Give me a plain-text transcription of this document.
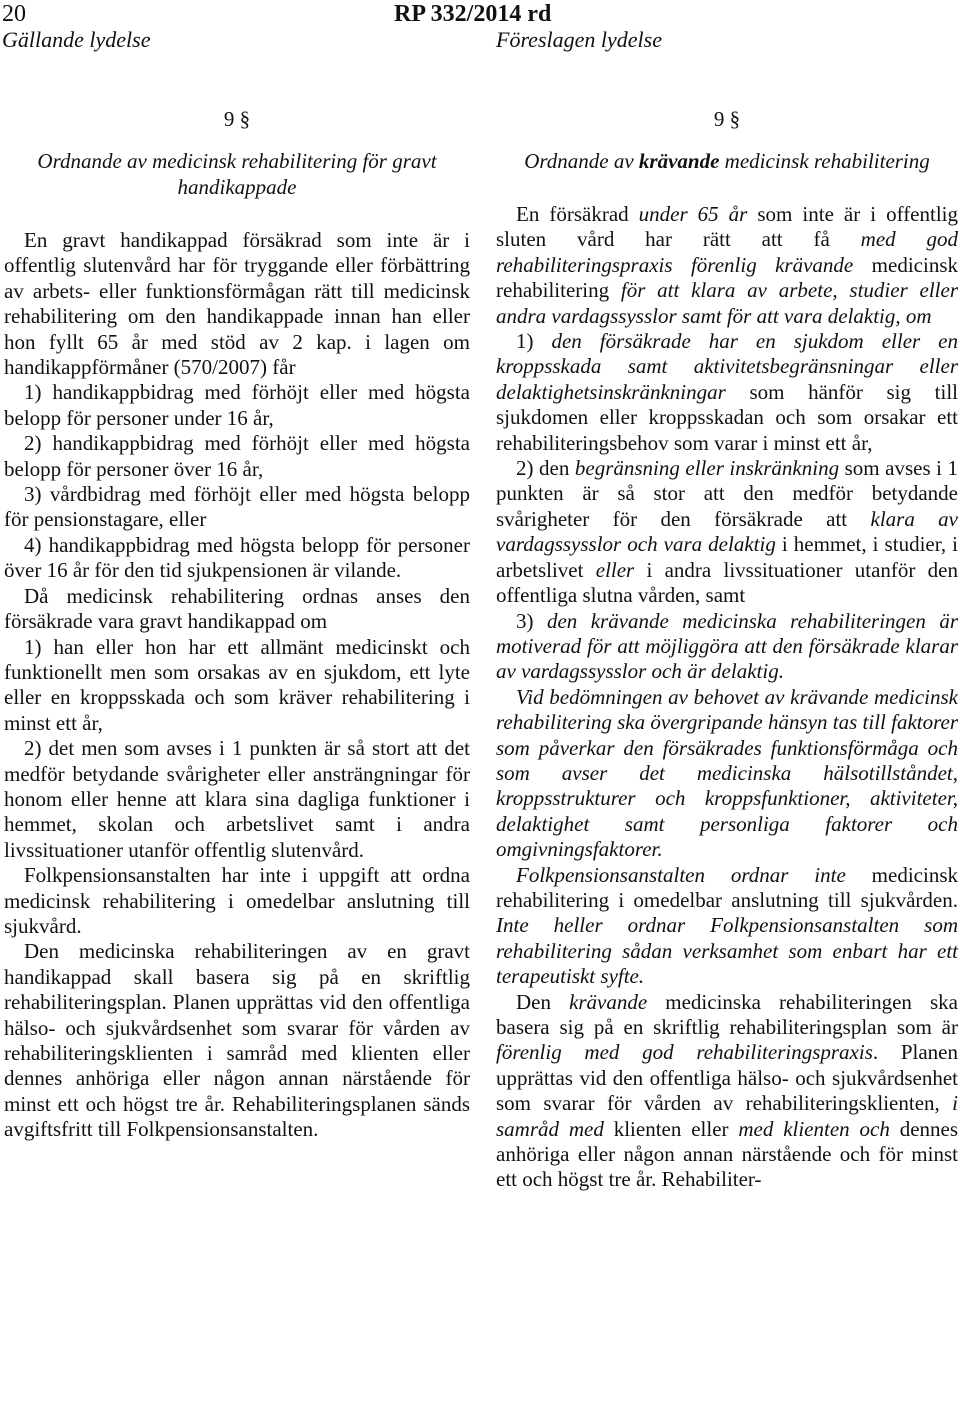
20	RP 332/2014 rd
Gällande lydelse	Föreslagen lydelse
9 §
Ordnande av medicinsk rehabilitering för gravt handikappade

En gravt handikappad försäkrad som inte är i offentlig slutenvård har för tryggande eller förbättring av arbets- eller funktionsförmågan rätt till medicinsk rehabilitering om den handikappade innan han eller hon fyllt 65 år med stöd av 2 kap. i lagen om handikappförmåner (570/2007) får

1) handikappbidrag med förhöjt eller med högsta belopp för personer under 16 år,

2) handikappbidrag med förhöjt eller med högsta belopp för personer över 16 år,

3) vårdbidrag med förhöjt eller med högsta belopp för pensionstagare, eller

4) handikappbidrag med högsta belopp för personer över 16 år för den tid sjukpensionen är vilande.

Då medicinsk rehabilitering ordnas anses den försäkrade vara gravt handikappad om

1) han eller hon har ett allmänt medicinskt och funktionellt men som orsakas av en sjukdom, ett lyte eller en kroppsskada och som kräver rehabilitering i minst ett år,

2) det men som avses i 1 punkten är så stort att det medför betydande svårigheter eller ansträngningar för honom eller henne att klara sina dagliga funktioner i hemmet, skolan och arbetslivet samt i andra livssituationer utanför offentlig slutenvård.

Folkpensionsanstalten har inte i uppgift att ordna medicinsk rehabilitering i omedelbar anslutning till sjukvård.

Den medicinska rehabiliteringen av en gravt handikappad skall basera sig på en skriftlig rehabiliteringsplan. Planen upprättas vid den offentliga hälso- och sjukvårdsenhet som svarar för vården av rehabiliteringsklienten i samråd med klienten eller dennes anhöriga eller någon annan närstående för minst ett och högst tre år. Rehabiliteringsplanen sänds avgiftsfritt till Folkpensionsanstalten.

9 §
Ordnande av krävande medicinsk rehabilitering

En försäkrad under 65 år som inte är i offentlig sluten vård har rätt att få med god rehabiliteringspraxis förenlig krävande medicinsk rehabilitering för att klara av arbete, studier eller andra vardagssysslor samt för att vara delaktig, om

1) den försäkrade har en sjukdom eller en kroppsskada samt aktivitetsbegränsningar eller delaktighetsinskränkningar som hänför sig till sjukdomen eller kroppsskadan och som orsakar ett rehabiliteringsbehov som varar i minst ett år,

2) den begränsning eller inskränkning som avses i 1 punkten är så stor att den medför betydande svårigheter för den försäkrade att klara av vardagssysslor och vara delaktig i hemmet, i studier, i arbetslivet eller i andra livssituationer utanför den offentliga slutna vården, samt

3) den krävande medicinska rehabiliteringen är motiverad för att möjliggöra att den försäkrade klarar av vardagssysslor och är delaktig.

Vid bedömningen av behovet av krävande medicinsk rehabilitering ska övergripande hänsyn tas till faktorer som påverkar den försäkrades funktionsförmåga och som avser det medicinska hälsotillståndet, kroppsstrukturer och kroppsfunktioner, aktiviteter, delaktighet samt personliga faktorer och omgivningsfaktorer.

Folkpensionsanstalten ordnar inte medicinsk rehabilitering i omedelbar anslutning till sjukvården. Inte heller ordnar Folkpensionsanstalten som rehabilitering sådan verksamhet som enbart har ett terapeutiskt syfte.

Den krävande medicinska rehabiliteringen ska basera sig på en skriftlig rehabiliteringsplan som är förenlig med god rehabiliteringspraxis. Planen upprättas vid den offentliga hälso- och sjukvårdsenhet som svarar för vården av rehabiliteringsklienten, i samråd med klienten eller med klienten och dennes anhöriga eller någon annan närstående och för minst ett och högst tre år. Rehabiliter-
